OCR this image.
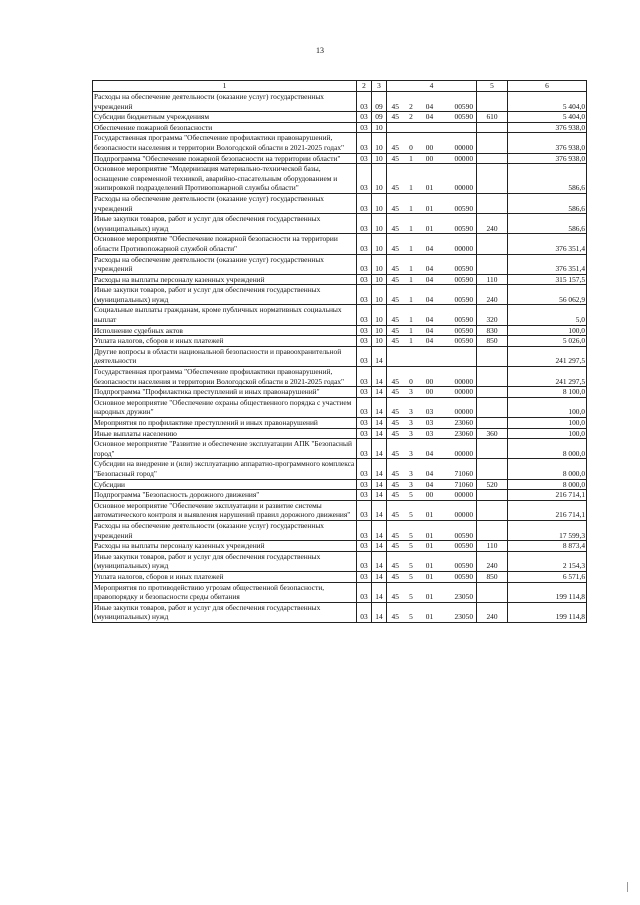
13
1	2	3	4				5	6
Расходы на обеспечение деятельности (оказание услуг) государственных учреждений	03	09	45	2	04	00590		5 404,0
Субсидии бюджетным учреждениям	03	09	45	2	04	00590	610	5 404,0
Обеспечение пожарной безопасности	03	10						376 938,0
Государственная программа "Обеспечение профилактики правонарушений, безопасности населения и территории Вологодской области в 2021-2025 годах"	03	10	45	0	00	00000		376 938,0
Подпрограмма "Обеспечение пожарной безопасности на территории области"	03	10	45	1	00	00000		376 938,0
Основное мероприятие "Модернизация материально-технической базы, оснащение современной техникой, аварийно-спасательным оборудованием и экипировкой подразделений Противопожарной службы области"	03	10	45	1	01	00000		586,6
Расходы на обеспечение деятельности (оказание услуг) государственных учреждений	03	10	45	1	01	00590		586,6
Иные закупки товаров, работ и услуг для обеспечения государственных (муниципальных) нужд	03	10	45	1	01	00590	240	586,6
Основное мероприятие "Обеспечение пожарной безопасности на территории области Противопожарной службой области"	03	10	45	1	04	00000		376 351,4
Расходы на обеспечение деятельности (оказание услуг) государственных учреждений	03	10	45	1	04	00590		376 351,4
Расходы на выплаты персоналу казенных учреждений	03	10	45	1	04	00590	110	315 157,5
Иные закупки товаров, работ и услуг для обеспечения государственных (муниципальных) нужд	03	10	45	1	04	00590	240	56 062,9
Социальные выплаты гражданам, кроме публичных нормативных социальных выплат	03	10	45	1	04	00590	320	5,0
Исполнение судебных актов	03	10	45	1	04	00590	830	100,0
Уплата налогов, сборов и иных платежей	03	10	45	1	04	00590	850	5 026,0
Другие вопросы в области национальной безопасности и правоохранительной деятельности	03	14						241 297,5
Государственная программа "Обеспечение профилактики правонарушений, безопасности населения и территории Вологодской области в 2021-2025 годах"	03	14	45	0	00	00000		241 297,5
Подпрограмма "Профилактика преступлений и иных правонарушений"	03	14	45	3	00	00000		8 100,0
Основное мероприятие "Обеспечение охраны общественного порядка с участием народных дружин"	03	14	45	3	03	00000		100,0
Мероприятия по профилактике преступлений и иных правонарушений	03	14	45	3	03	23060		100,0
Иные выплаты населению	03	14	45	3	03	23060	360	100,0
Основное мероприятие "Развитие и обеспечение эксплуатации АПК "Безопасный город"	03	14	45	3	04	00000		8 000,0
Субсидии на внедрение и (или) эксплуатацию аппаратно-программного комплекса "Безопасный город"	03	14	45	3	04	71060		8 000,0
Субсидии	03	14	45	3	04	71060	520	8 000,0
Подпрограмма "Безопасность дорожного движения"	03	14	45	5	00	00000		216 714,1
Основное мероприятие "Обеспечение эксплуатации и развитие системы автоматического контроля и выявления нарушений правил дорожного движения"	03	14	45	5	01	00000		216 714,1
Расходы на обеспечение деятельности (оказание услуг) государственных учреждений	03	14	45	5	01	00590		17 599,3
Расходы на выплаты персоналу казенных учреждений	03	14	45	5	01	00590	110	8 873,4
Иные закупки товаров, работ и услуг для обеспечения государственных (муниципальных) нужд	03	14	45	5	01	00590	240	2 154,3
Уплата налогов, сборов и иных платежей	03	14	45	5	01	00590	850	6 571,6
Мероприятия по противодействию угрозам общественной безопасности, правопорядку и безопасности среды обитания	03	14	45	5	01	23050		199 114,8
Иные закупки товаров, работ и услуг для обеспечения государственных (муниципальных) нужд	03	14	45	5	01	23050	240	199 114,8
